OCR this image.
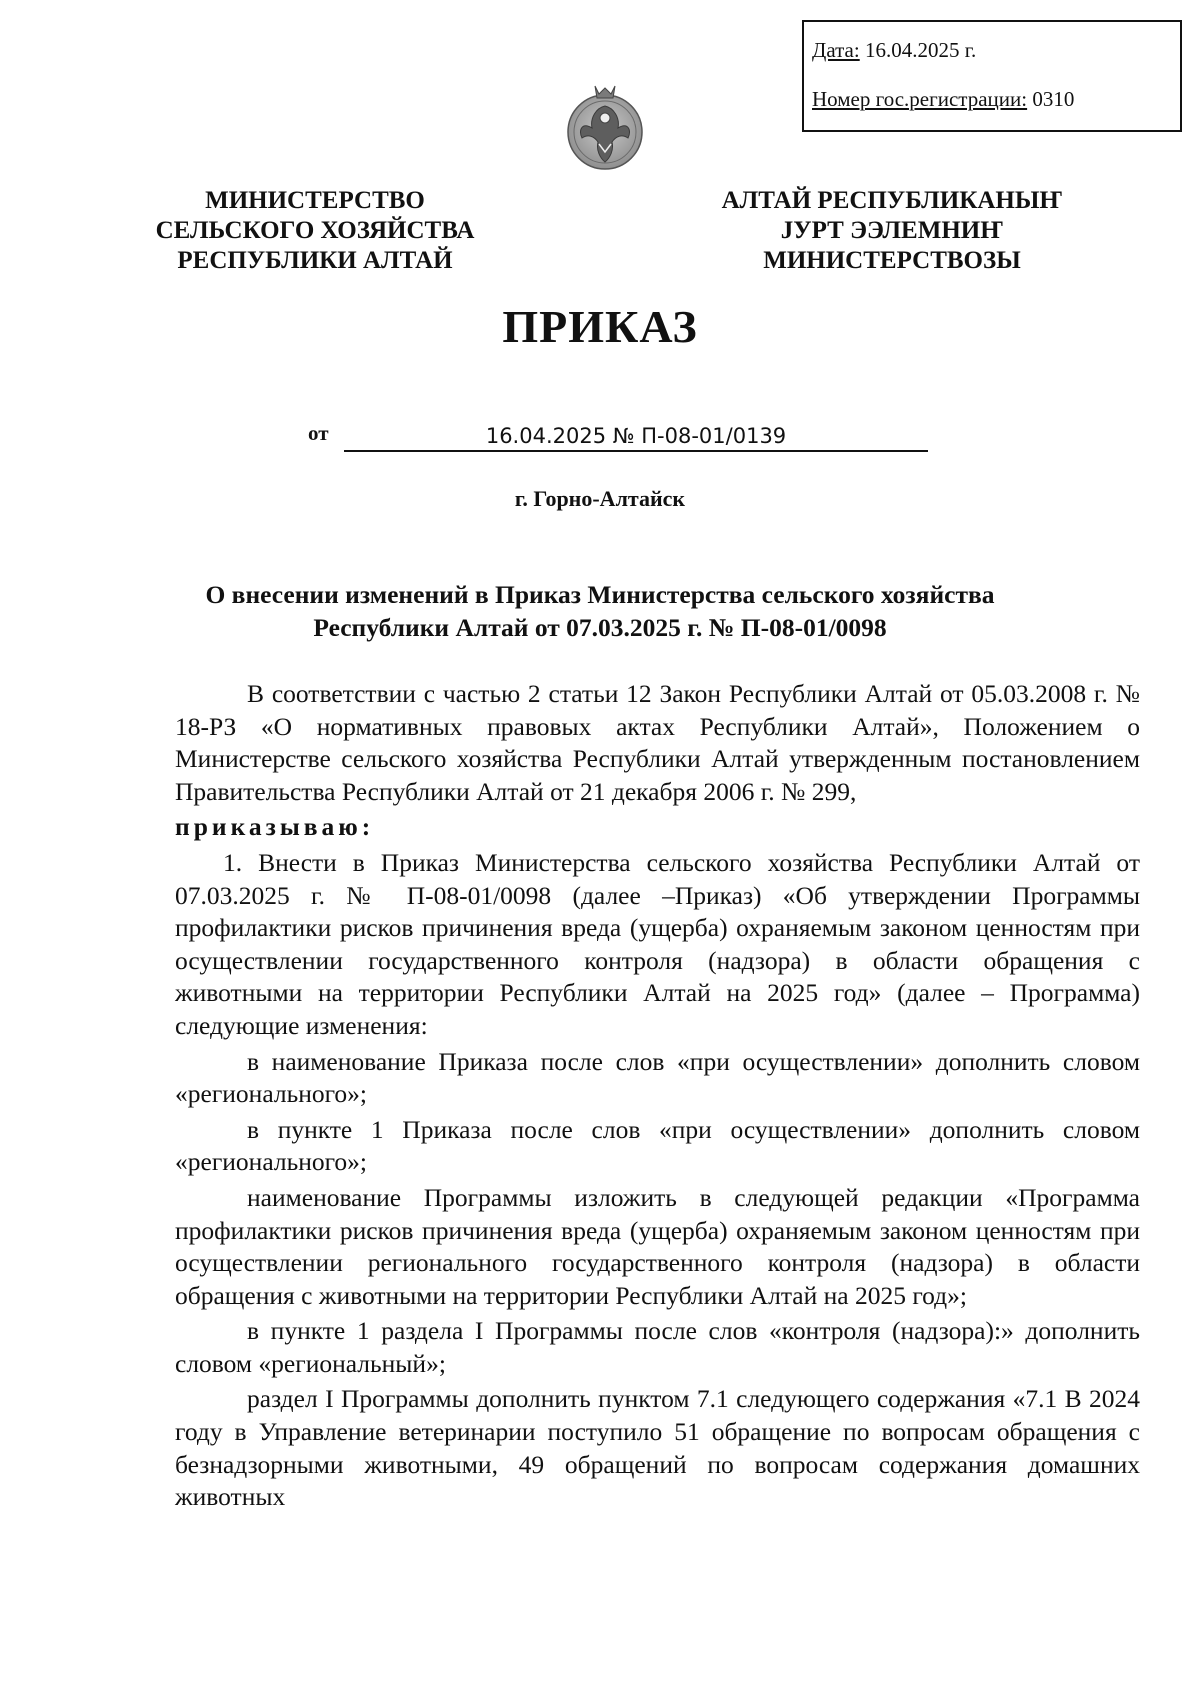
Дата: 16.04.2025 г.
Номер гос.регистрации: 0310
МИНИСТЕРСТВО
СЕЛЬСКОГО ХОЗЯЙСТВА
РЕСПУБЛИКИ АЛТАЙ
АЛТАЙ РЕСПУБЛИКАНЫҤ
ЈУРТ ЭЭЛЕМНИҤ
МИНИСТЕРСТВОЗЫ
ПРИКАЗ
от	16.04.2025 № П-08-01/0139
г. Горно-Алтайск
О внесении изменений в Приказ Министерства сельского хозяйства
Республики Алтай от 07.03.2025 г. № П-08-01/0098

В соответствии с частью 2 статьи 12 Закон Республики Алтай от 05.03.2008 г. № 18-РЗ «О нормативных правовых актах Республики Алтай», Положением о Министерстве сельского хозяйства Республики Алтай утвержденным постановлением Правительства Республики Алтай от 21 декабря 2006 г. № 299,

приказываю:

1. Внести в Приказ Министерства сельского хозяйства Республики Алтай от 07.03.2025 г. № П-08-01/0098 (далее –Приказ) «Об утверждении Программы профилактики рисков причинения вреда (ущерба) охраняемым законом ценностям при осуществлении государственного контроля (надзора) в области обращения с животными на территории Республики Алтай на 2025 год» (далее – Программа) следующие изменения:

в наименование Приказа после слов «при осуществлении» дополнить словом «регионального»;

в пункте 1 Приказа после слов «при осуществлении» дополнить словом «регионального»;

наименование Программы изложить в следующей редакции «Программа профилактики рисков причинения вреда (ущерба) охраняемым законом ценностям при осуществлении регионального государственного контроля (надзора) в области обращения с животными на территории Республики Алтай на 2025 год»;

в пункте 1 раздела I Программы после слов «контроля (надзора):» дополнить словом «региональный»;

раздел I Программы дополнить пунктом 7.1 следующего содержания «7.1 В 2024 году в Управление ветеринарии поступило 51 обращение по вопросам обращения с безнадзорными животными, 49 обращений по вопросам содержания домашних животных
